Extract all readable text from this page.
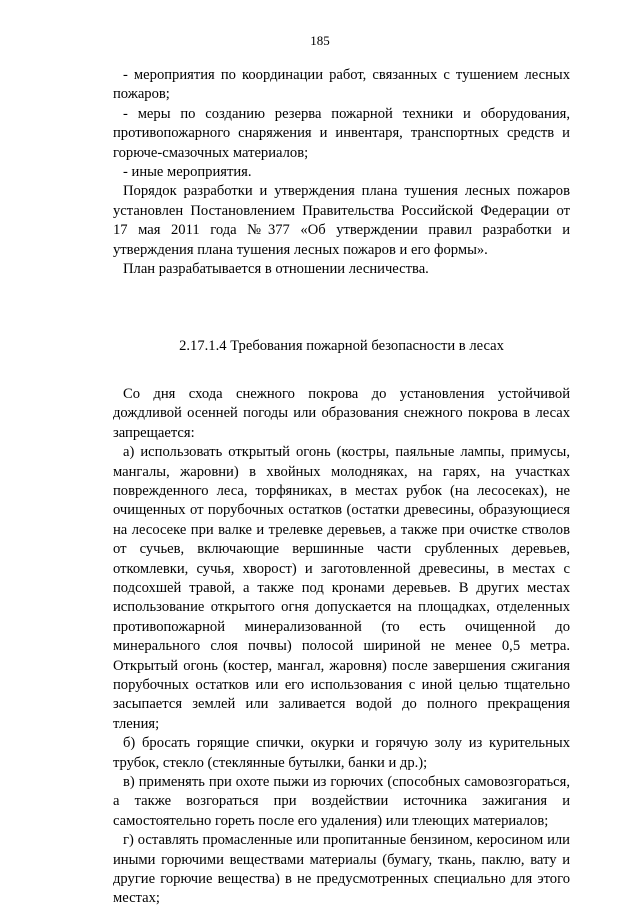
185

- мероприятия по координации работ, связанных с тушением лесных пожаров;

- меры по созданию резерва пожарной техники и оборудования, противопожарного снаряжения и инвентаря, транспортных средств и горюче-смазочных материалов;

- иные мероприятия.

Порядок разработки и утверждения плана тушения лесных пожаров установлен Постановлением Правительства Российской Федерации от 17 мая 2011 года №377 «Об утверждении правил разработки и утверждения плана тушения лесных пожаров и его формы».

План разрабатывается в отношении лесничества.

2.17.1.4 Требования пожарной безопасности в лесах

Со дня схода снежного покрова до установления устойчивой дождливой осенней погоды или образования снежного покрова в лесах запрещается:

а) использовать открытый огонь (костры, паяльные лампы, примусы, мангалы, жаровни) в хвойных молодняках, на гарях, на участках поврежденного леса, торфяниках, в местах рубок (на лесосеках), не очищенных от порубочных остатков (остатки древесины, образующиеся на лесосеке при валке и трелевке деревьев, а также при очистке стволов от сучьев, включающие вершинные части срубленных деревьев, откомлевки, сучья, хворост) и заготовленной древесины, в местах с подсохшей травой, а также под кронами деревьев. В других местах использование открытого огня допускается на площадках, отделенных противопожарной минерализованной (то есть очищенной до минерального слоя почвы) полосой шириной не менее 0,5 метра. Открытый огонь (костер, мангал, жаровня) после завершения сжигания порубочных остатков или его использования с иной целью тщательно засыпается землей или заливается водой до полного прекращения тления;

б) бросать горящие спички, окурки и горячую золу из курительных трубок, стекло (стеклянные бутылки, банки и др.);

в) применять при охоте пыжи из горючих (способных самовозгораться, а также возгораться при воздействии источника зажигания и самостоятельно гореть после его удаления) или тлеющих материалов;

г) оставлять промасленные или пропитанные бензином, керосином или иными горючими веществами материалы (бумагу, ткань, паклю, вату и другие горючие вещества) в не предусмотренных специально для этого местах;
